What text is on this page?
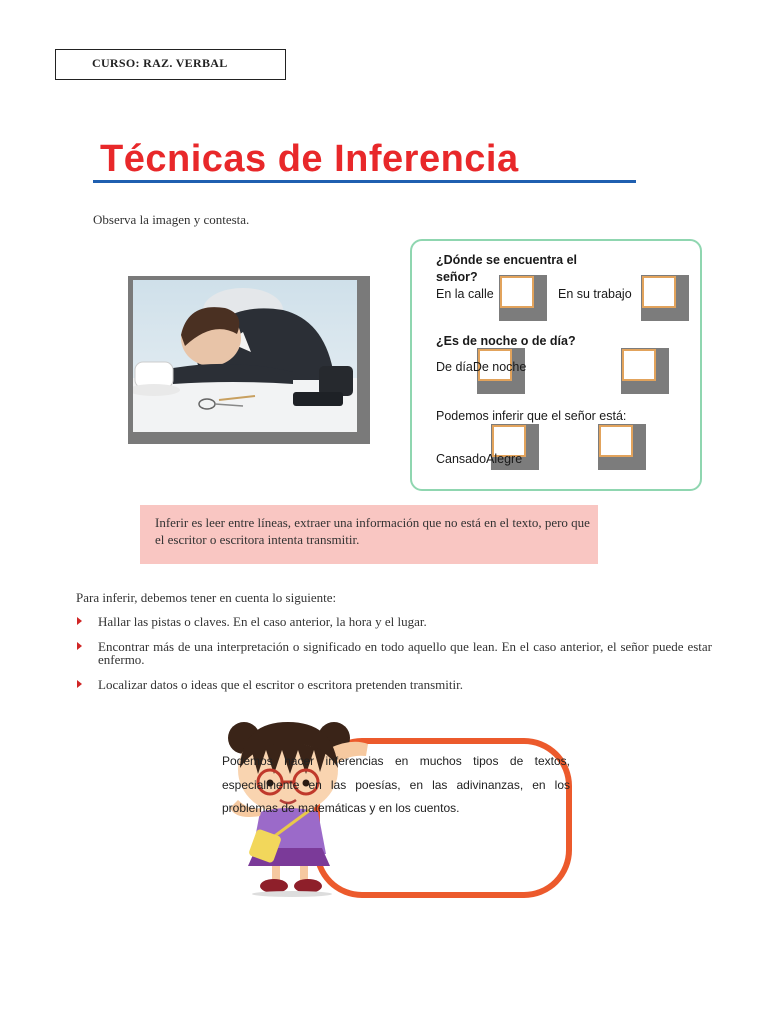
CURSO: RAZ. VERBAL
Técnicas de Inferencia
Observa la imagen y contesta.
¿Dónde se encuentra el señor?
En la calle	En su trabajo
¿Es de noche o de día?
De díaDe noche
Podemos inferir que el señor está:
CansadoAlegre
Inferir es leer entre líneas, extraer una información que no está en el texto, pero que el escritor o escritora intenta transmitir.
Para inferir, debemos tener en cuenta lo siguiente:
Hallar las pistas o claves. En el caso anterior, la hora y el lugar.
Encontrar más de una interpretación o significado en todo aquello que lean. En el caso anterior, el señor puede estar enfermo.
Localizar datos o ideas que el escritor o escritora pretenden transmitir.
Podemos hacer inferencias en muchos tipos de textos, especialmente en las poesías, en las adivinanzas, en los problemas de matemáticas y en los cuentos.
